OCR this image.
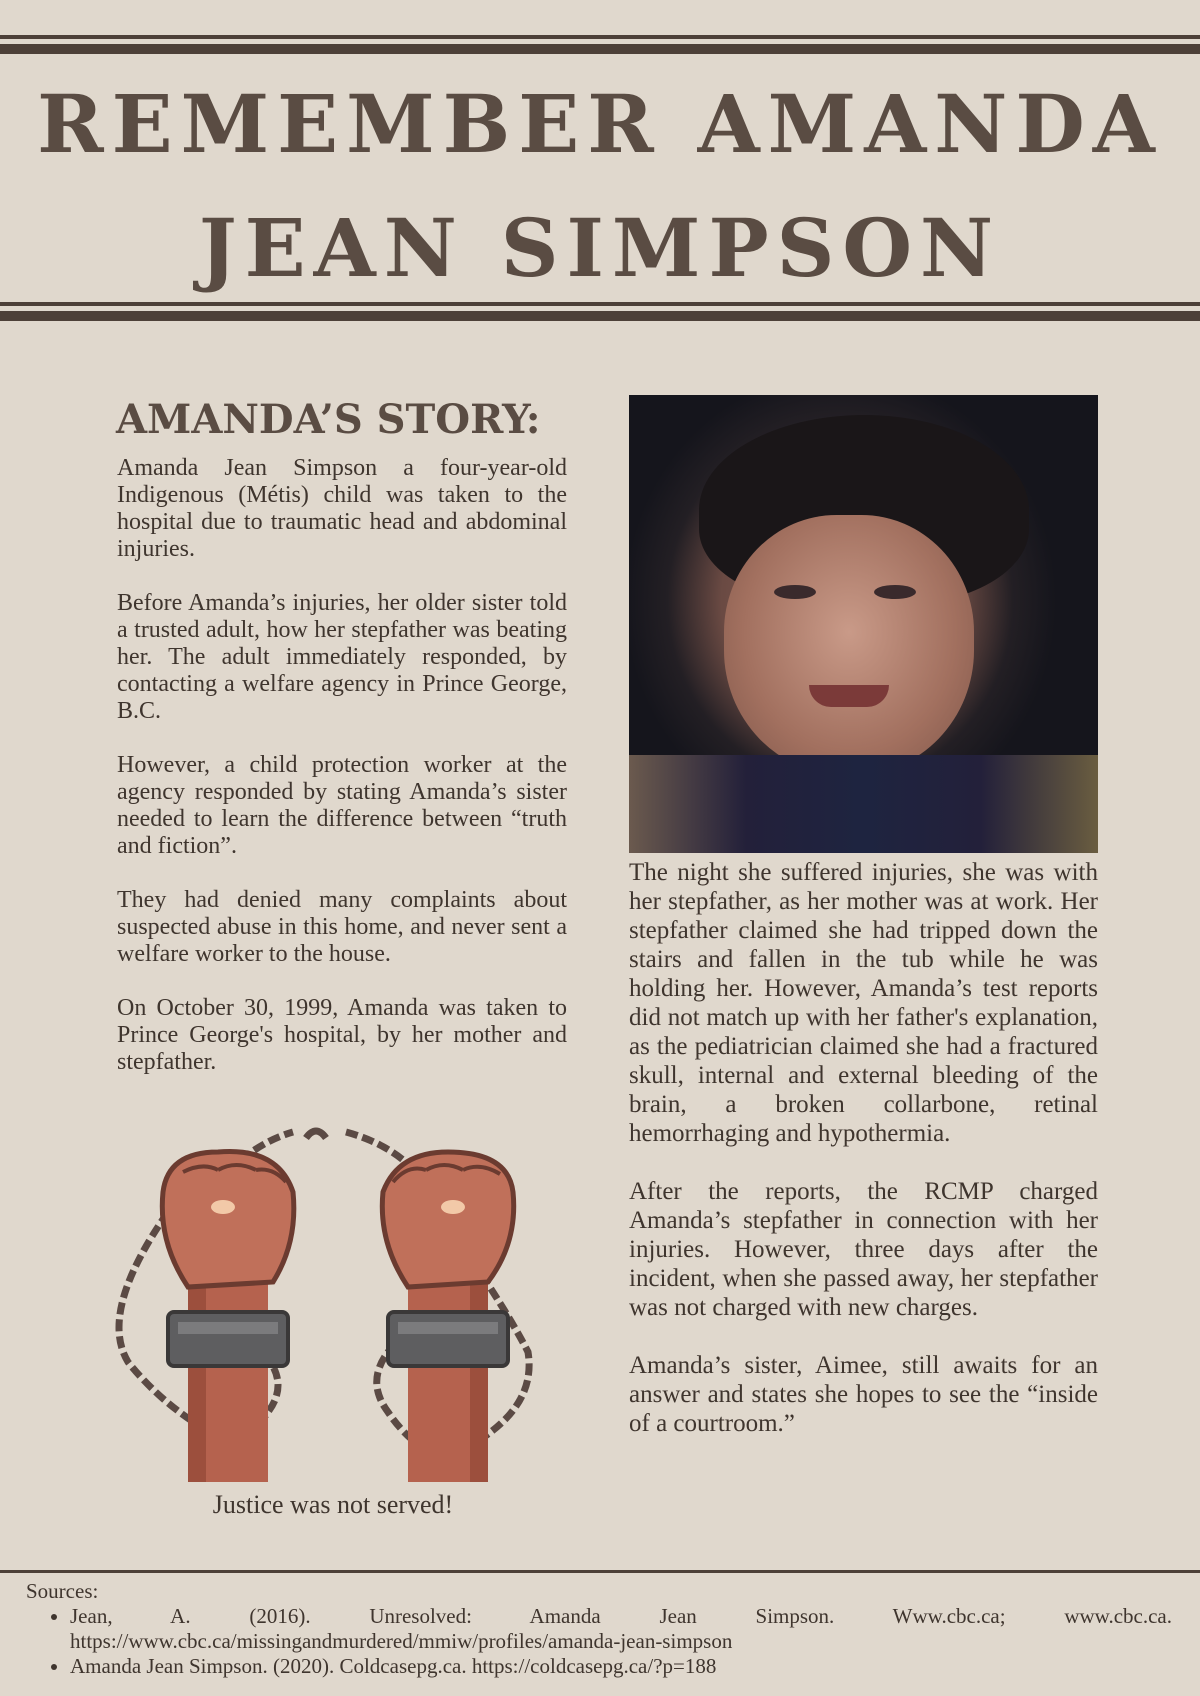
REMEMBER AMANDA
JEAN SIMPSON
AMANDA’S STORY:

Amanda Jean Simpson a four-year-old Indigenous (Métis) child was taken to the hospital due to traumatic head and abdominal injuries.

Before Amanda’s injuries, her older sister told a trusted adult, how her stepfather was beating her. The adult immediately responded, by contacting a welfare agency in Prince George, B.C.

However, a child protection worker at the agency responded by stating Amanda’s sister needed to learn the difference between “truth and fiction”.

They had denied many complaints about suspected abuse in this home, and never sent a welfare worker to the house.

On October 30, 1999, Amanda was taken to Prince George's hospital, by her mother and stepfather.

The night she suffered injuries, she was with her stepfather, as her mother was at work. Her stepfather claimed she had tripped down the stairs and fallen in the tub while he was holding her. However, Amanda’s test reports did not match up with her father's explanation, as the pediatrician claimed she had a fractured skull, internal and external bleeding of the brain, a broken collarbone, retinal hemorrhaging and hypothermia.

After the reports, the RCMP charged Amanda’s stepfather in connection with her injuries. However, three days after the incident, when she passed away, her stepfather was not charged with new charges.

Amanda’s sister, Aimee, still awaits for an answer and states she hopes to see the “inside of a courtroom.”

Justice was not served!
Sources:
• Jean, A. (2016). Unresolved: Amanda Jean Simpson. Www.cbc.ca; www.cbc.ca. https://www.cbc.ca/missingandmurdered/mmiw/profiles/amanda-jean-simpson
• Amanda Jean Simpson. (2020). Coldcasepg.ca. https://coldcasepg.ca/?p=188
